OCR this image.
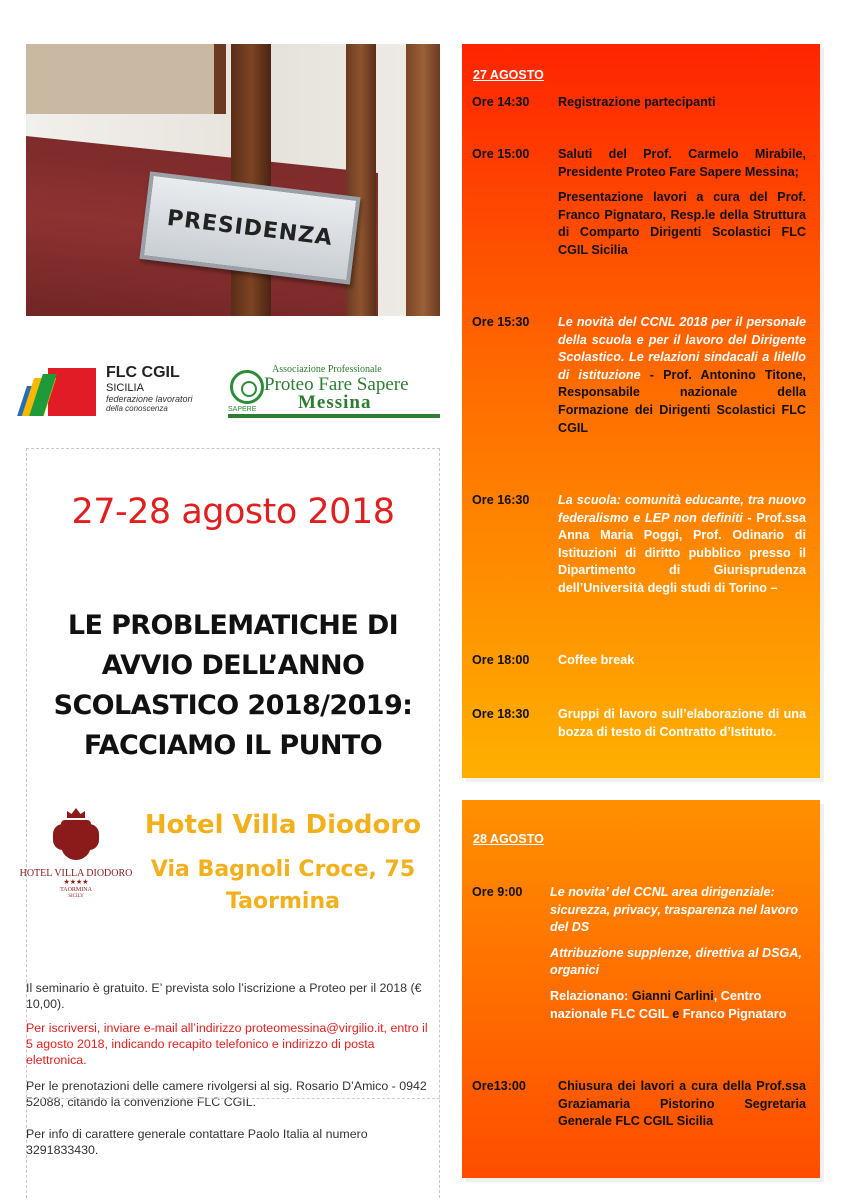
PRESIDENZA
FLC CGIL
SICILIA
federazione lavoratori
della conoscenza	SAPERE
Associazione Professionale
Proteo Fare Sapere
Messina
27-28 agosto 2018
LE PROBLEMATICHE DI AVVIO DELL’ANNO SCOLASTICO 2018/2019: FACCIAMO IL PUNTO
HOTEL VILLA DIODORO
★★★★
TAORMINA
SICILY
Hotel Villa Diodoro
Via Bagnoli Croce, 75
Taormina
Il seminario è gratuito. E’ prevista solo l’iscrizione a Proteo per il 2018 (€ 10,00).
Per iscriversi, inviare e-mail all’indirizzo proteomessina@virgilio.it, entro il 5 agosto 2018, indicando recapito telefonico e indirizzo di posta elettronica.
Per le prenotazioni delle camere rivolgersi al sig. Rosario D’Amico - 0942 52088, citando la convenzione FLC CGIL.
Per info di carattere generale contattare Paolo Italia al numero 3291833430.
27 AGOSTO
Ore 14:30 Registrazione partecipanti

Ore 15:00 Saluti del Prof. Carmelo Mirabile, Presidente Proteo Fare Sapere Messina;

Presentazione lavori a cura del Prof. Franco Pignataro, Resp.le della Struttura di Comparto Dirigenti Scolastici FLC CGIL Sicilia

Ore 15:30 Le novità del CCNL 2018 per il personale della scuola e per il lavoro del Dirigente Scolastico. Le relazioni sindacali a lilello di istituzione - Prof. Antonino Titone, Responsabile nazionale della Formazione dei Dirigenti Scolastici FLC CGIL

Ore 16:30 La scuola: comunità educante, tra nuovo federalismo e LEP non definiti - Prof.ssa Anna Maria Poggi, Prof. Odinario di Istituzioni di diritto pubblico presso il Dipartimento di Giurisprudenza dell’Università degli studi di Torino –

Ore 18:00 Coffee break

Ore 18:30 Gruppi di lavoro sull’elaborazione di una bozza di testo di Contratto d’Istituto.

28 AGOSTO
Ore 9:00 Le novita’ del CCNL area dirigenziale: sicurezza, privacy, trasparenza nel lavoro del DS

Attribuzione supplenze, direttiva al DSGA, organici

Relazionano: Gianni Carlini, Centro nazionale FLC CGIL e Franco Pignataro

Ore13:00	Chiusura dei lavori a cura della Prof.ssa Graziamaria Pistorino Segretaria Generale FLC CGIL Sicilia
